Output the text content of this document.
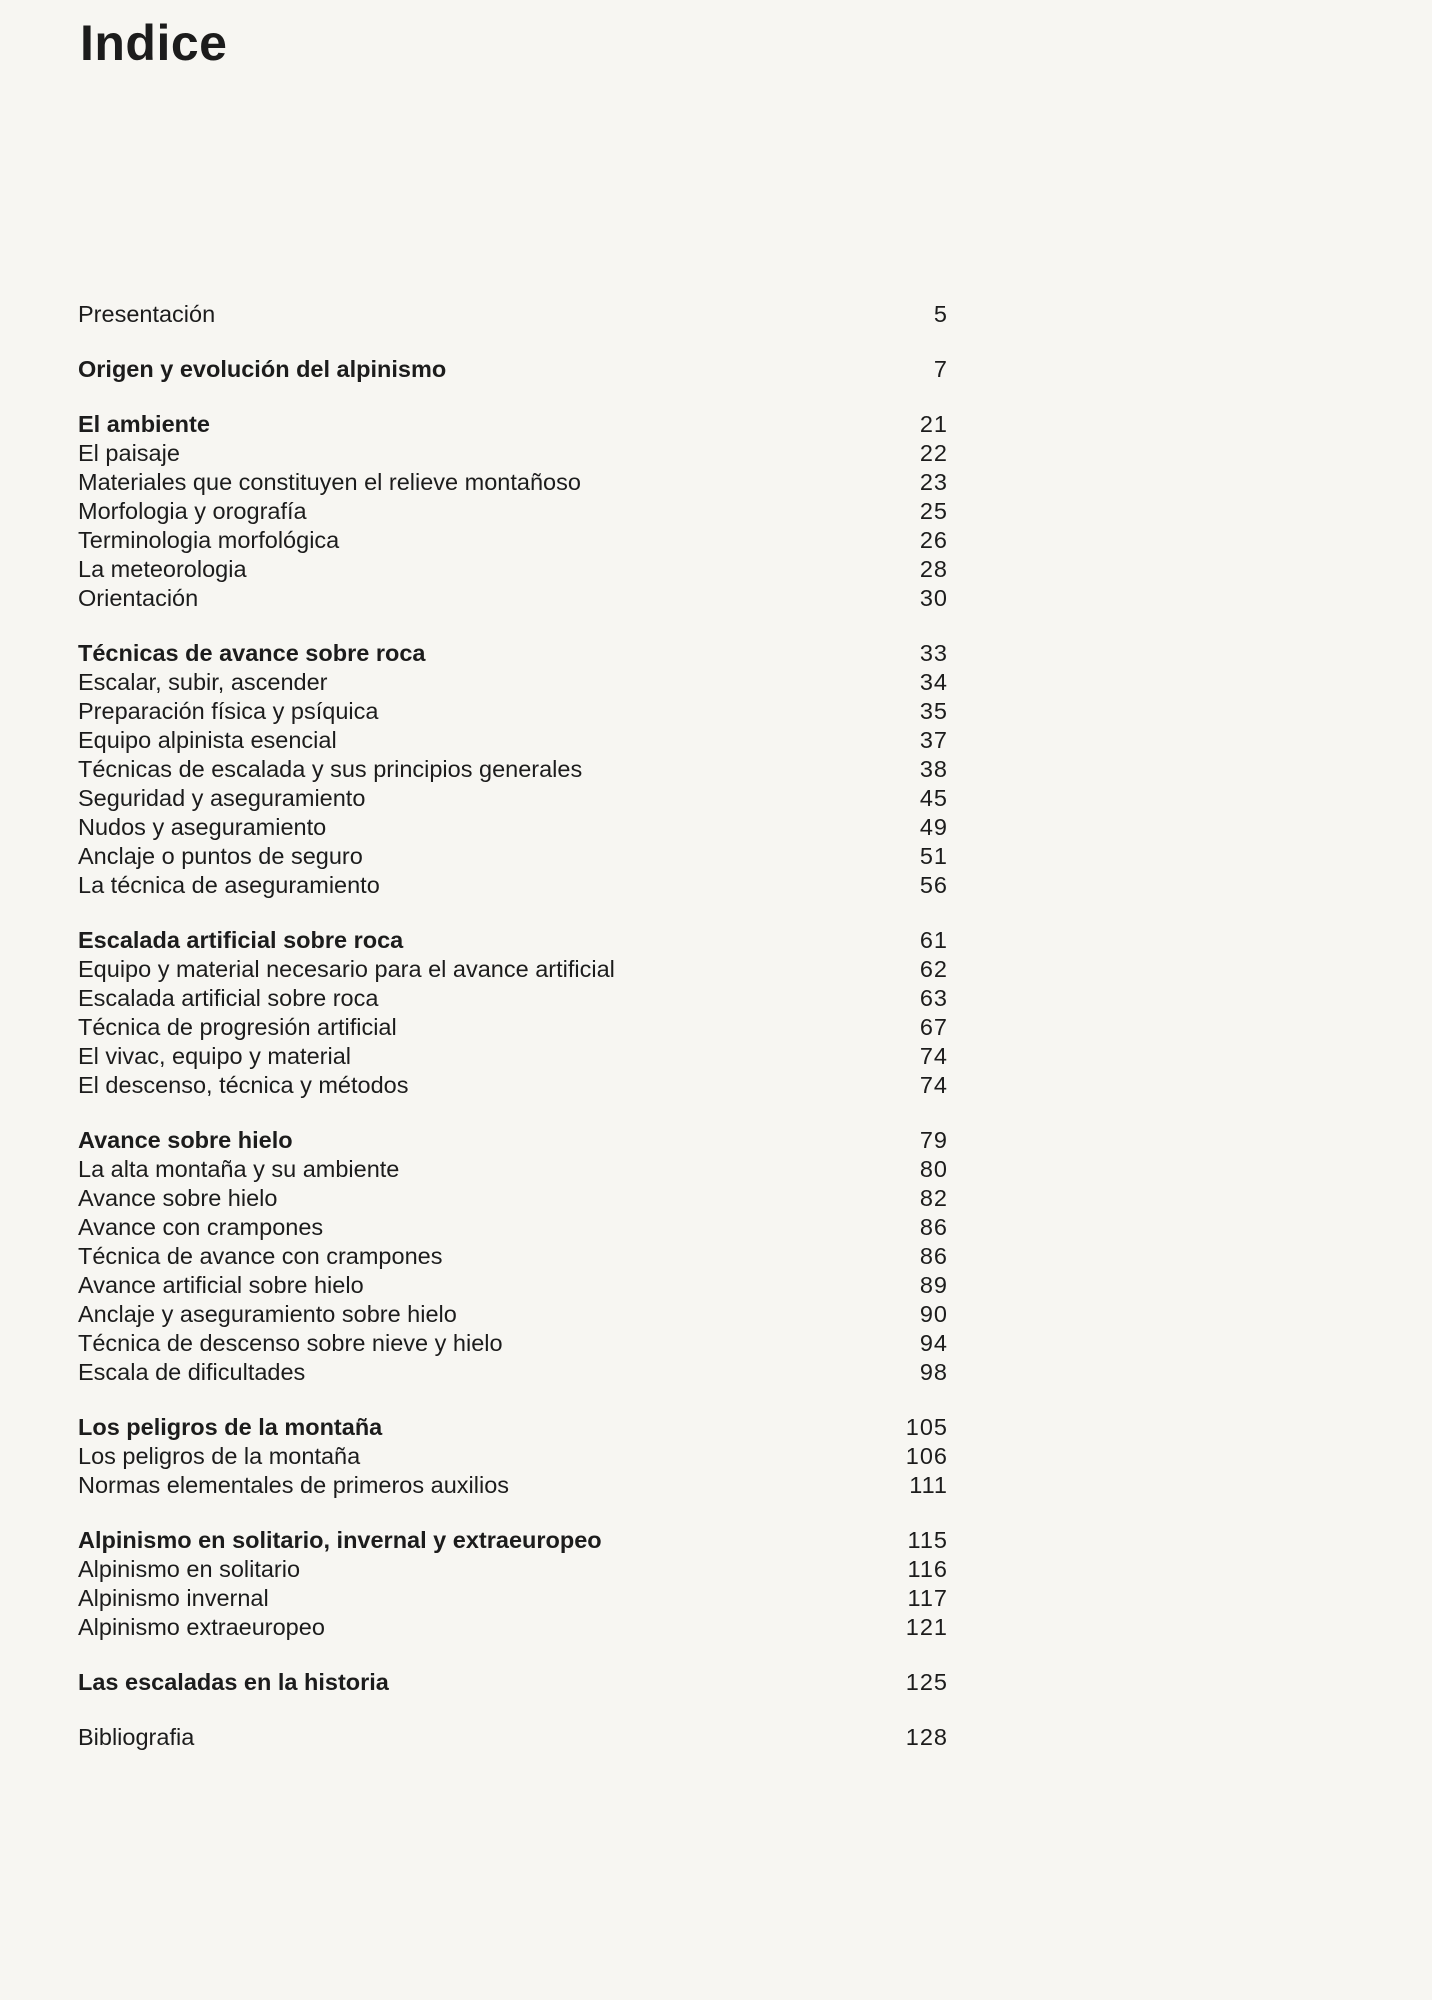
Indice
Presentación	5
Origen y evolución del alpinismo	7
El ambiente	21
El paisaje	22
Materiales que constituyen el relieve montañoso	23
Morfologia y orografía	25
Terminologia morfológica	26
La meteorologia	28
Orientación	30
Técnicas de avance sobre roca	33
Escalar, subir, ascender	34
Preparación física y psíquica	35
Equipo alpinista esencial	37
Técnicas de escalada y sus principios generales	38
Seguridad y aseguramiento	45
Nudos y aseguramiento	49
Anclaje o puntos de seguro	51
La técnica de aseguramiento	56
Escalada artificial sobre roca	61
Equipo y material necesario para el avance artificial	62
Escalada artificial sobre roca	63
Técnica de progresión artificial	67
El vivac, equipo y material	74
El descenso, técnica y métodos	74
Avance sobre hielo	79
La alta montaña y su ambiente	80
Avance sobre hielo	82
Avance con crampones	86
Técnica de avance con crampones	86
Avance artificial sobre hielo	89
Anclaje y aseguramiento sobre hielo	90
Técnica de descenso sobre nieve y hielo	94
Escala de dificultades	98
Los peligros de la montaña	105
Los peligros de la montaña	106
Normas elementales de primeros auxilios	111
Alpinismo en solitario, invernal y extraeuropeo	115
Alpinismo en solitario	116
Alpinismo invernal	117
Alpinismo extraeuropeo	121
Las escaladas en la historia	125
Bibliografia	128
